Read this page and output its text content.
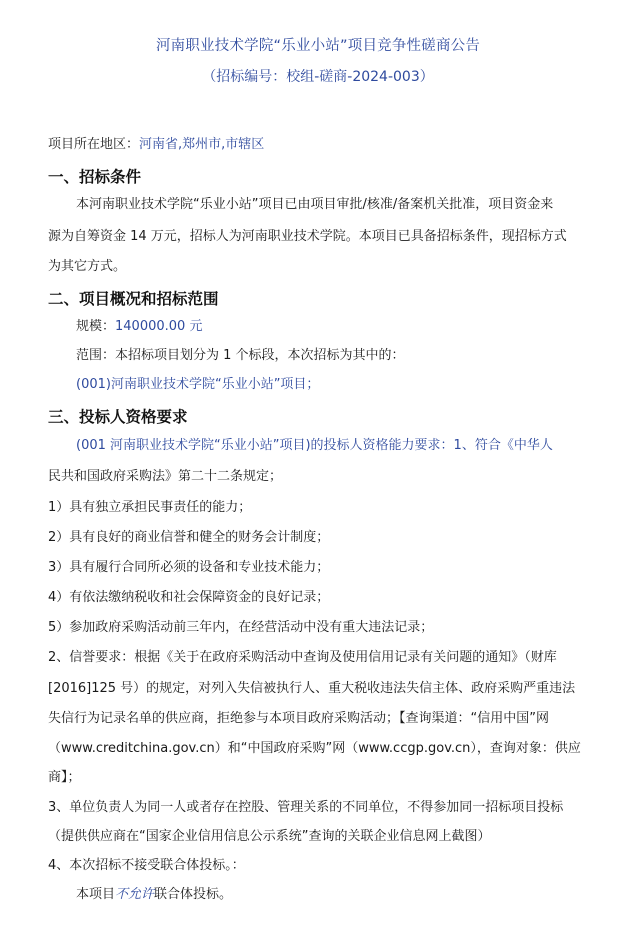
河南职业技术学院“乐业小站”项目竞争性磋商公告
（招标编号：校组-磋商-2024-003）
项目所在地区：河南省,郑州市,市辖区
一、招标条件
本河南职业技术学院“乐业小站”项目已由项目审批/核准/备案机关批准，项目资金来
源为自筹资金 14 万元，招标人为河南职业技术学院。本项目已具备招标条件，现招标方式
为其它方式。
二、项目概况和招标范围
规模：140000.00 元
范围：本招标项目划分为 1 个标段，本次招标为其中的：
(001)河南职业技术学院“乐业小站”项目；
三、投标人资格要求
(001 河南职业技术学院“乐业小站”项目)的投标人资格能力要求：1、符合《中华人
民共和国政府采购法》第二十二条规定；
1）具有独立承担民事责任的能力；
2）具有良好的商业信誉和健全的财务会计制度；
3）具有履行合同所必须的设备和专业技术能力；
4）有依法缴纳税收和社会保障资金的良好记录；
5）参加政府采购活动前三年内，在经营活动中没有重大违法记录；
2、信誉要求：根据《关于在政府采购活动中查询及使用信用记录有关问题的通知》（财库
[2016]125 号）的规定，对列入失信被执行人、重大税收违法失信主体、政府采购严重违法
失信行为记录名单的供应商，拒绝参与本项目政府采购活动；【查询渠道：“信用中国”网
（www.creditchina.gov.cn）和“中国政府采购”网（www.ccgp.gov.cn），查询对象：供应
商】；
3、单位负责人为同一人或者存在控股、管理关系的不同单位，不得参加同一招标项目投标
（提供供应商在“国家企业信用信息公示系统”查询的关联企业信息网上截图）
4、本次招标不接受联合体投标。：
本项目不允许联合体投标。
